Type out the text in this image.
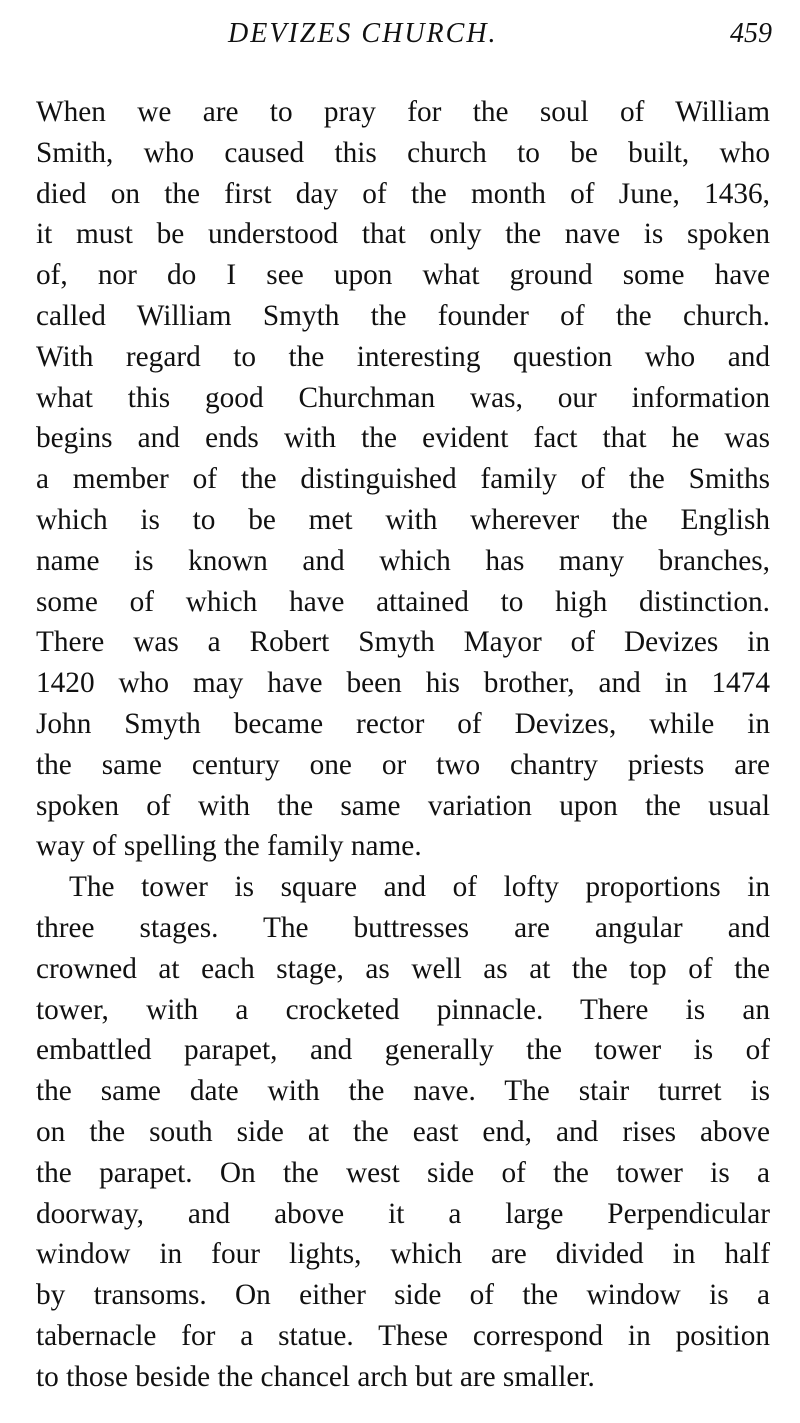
DEVIZES CHURCH.	459
When we are to pray for the soul of William
Smith, who caused this church to be built, who
died on the first day of the month of June, 1436,
it must be understood that only the nave is spoken
of, nor do I see upon what ground some have
called William Smyth the founder of the church.
With regard to the interesting question who and
what this good Churchman was, our information
begins and ends with the evident fact that he was
a member of the distinguished family of the Smiths
which is to be met with wherever the English
name is known and which has many branches,
some of which have attained to high distinction.
There was a Robert Smyth Mayor of Devizes in
1420 who may have been his brother, and in 1474
John Smyth became rector of Devizes, while in
the same century one or two chantry priests are
spoken of with the same variation upon the usual
way of spelling the family name.
The tower is square and of lofty proportions in
three stages. The buttresses are angular and
crowned at each stage, as well as at the top of the
tower, with a crocketed pinnacle. There is an
embattled parapet, and generally the tower is of
the same date with the nave. The stair turret is
on the south side at the east end, and rises above
the parapet. On the west side of the tower is a
doorway, and above it a large Perpendicular
window in four lights, which are divided in half
by transoms. On either side of the window is a
tabernacle for a statue. These correspond in position
to those beside the chancel arch but are smaller.
